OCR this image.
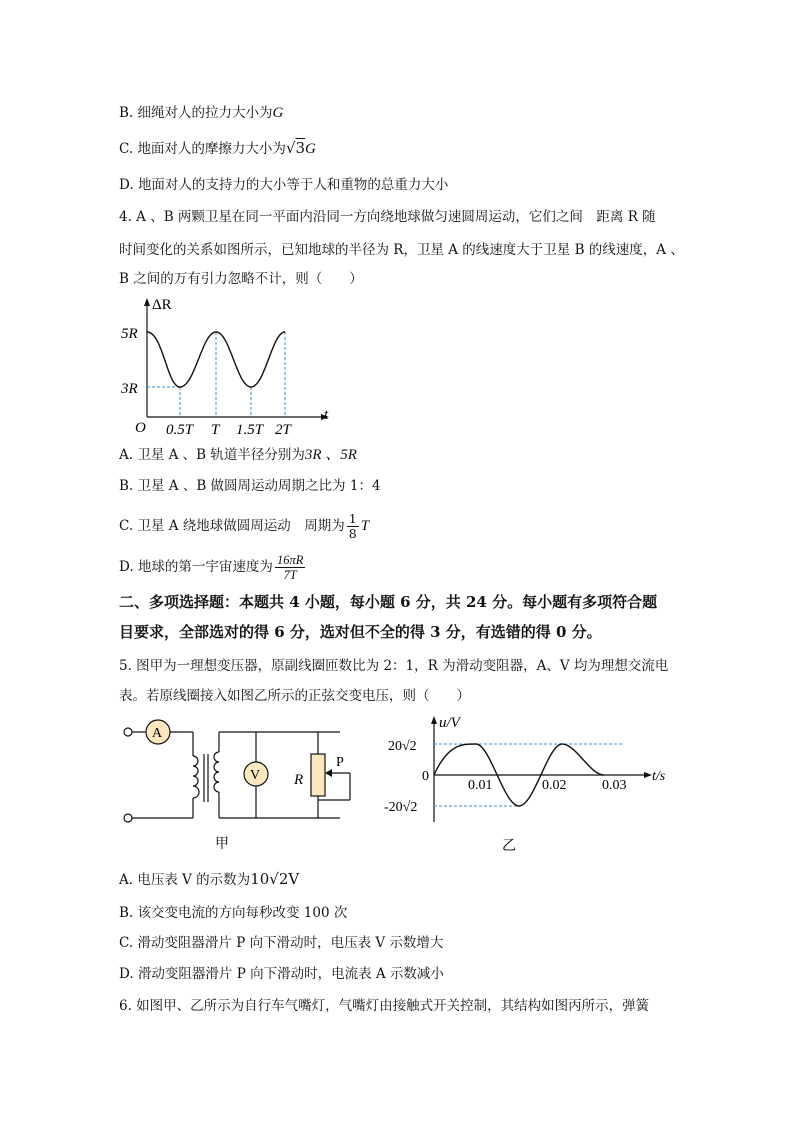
B. 细绳对人的拉力大小为G
C. 地面对人的摩擦力大小为√3G
D. 地面对人的支持力的大小等于人和重物的总重力大小
4. A 、B 两颗卫星在同一平面内沿同一方向绕地球做匀速圆周运动，它们之间　距离 R 随
时间变化的关系如图所示，已知地球的半径为 R，卫星 A 的线速度大于卫星 B 的线速度，A 、
B 之间的万有引力忽略不计，则（　　）
ΔR
t
O
5R
3R
0.5T T 1.5T 2T
A. 卫星 A 、B 轨道半径分别为3R 、5R
B. 卫星 A 、B 做圆周运动周期之比为 1：4
C. 卫星 A 绕地球做圆周运动　周期为 $\frac{1}{8}$ T
D. 地球的第一宇宙速度为 $\frac{16\pi R}{7T}$
二、多项选择题：本题共 4 小题，每小题 6 分，共 24 分。每小题有多项符合题
目要求，全部选对的得 6 分，选对但不全的得 3 分，有选错的得 0 分。
5. 图甲为一理想变压器，原副线圈匝数比为 2：1，R 为滑动变阻器，A、V 均为理想交流电
表。若原线圈接入如图乙所示的正弦交变电压，则（　　）
A
V R
P
甲
u/V
t/s
0
20√2
-20√2
0.01	0.02	0.03
乙
A. 电压表 V 的示数为10√2V
B. 该交变电流的方向每秒改变 100 次
C. 滑动变阻器滑片 P 向下滑动时，电压表 V 示数增大
D. 滑动变阻器滑片 P 向下滑动时，电流表 A 示数减小
6. 如图甲、乙所示为自行车气嘴灯，气嘴灯由接触式开关控制，其结构如图丙所示，弹簧
